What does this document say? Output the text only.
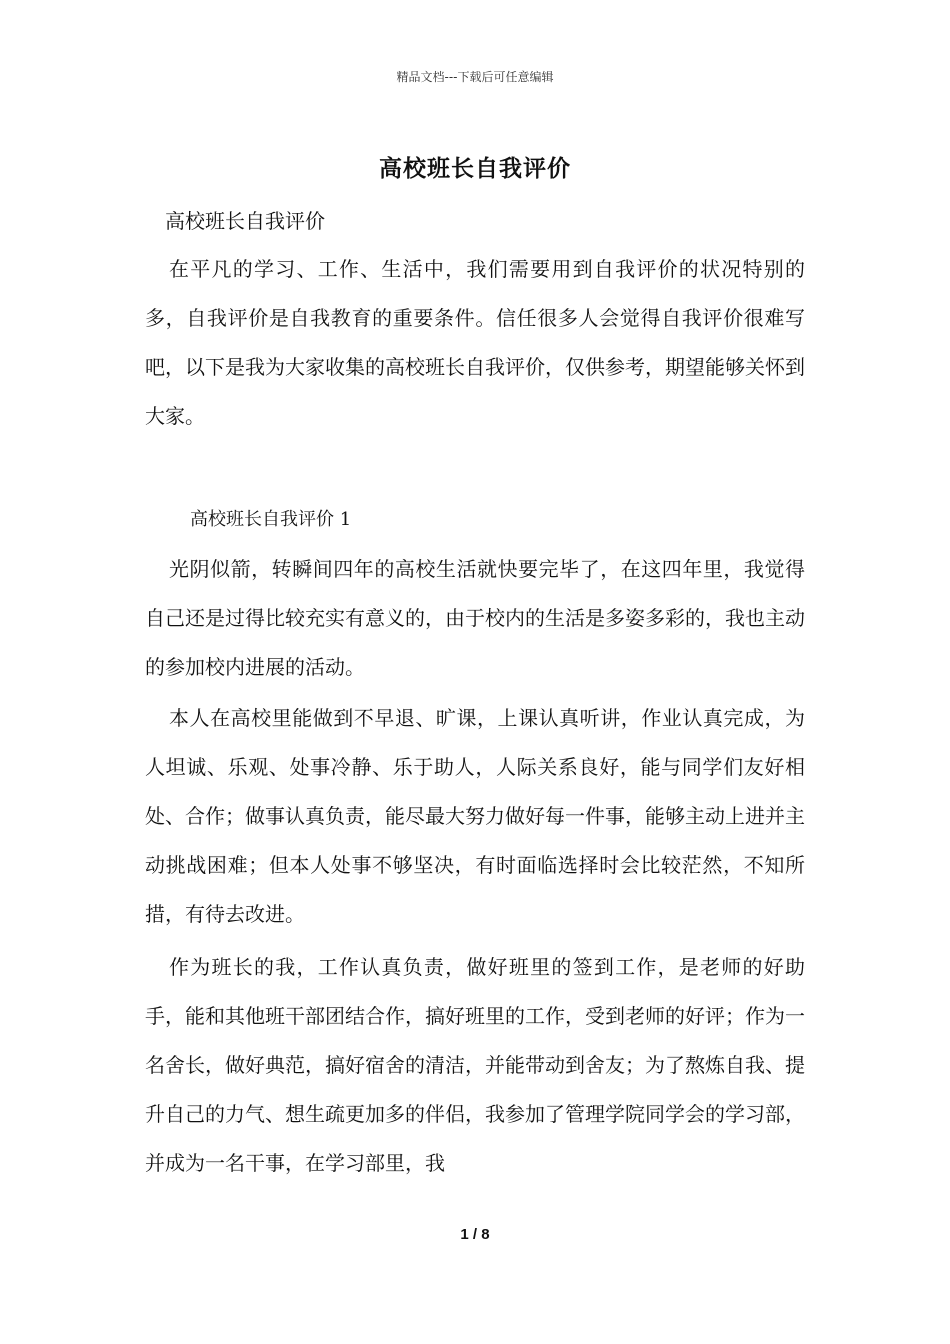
精品文档---下载后可任意编辑
高校班长自我评价
高校班长自我评价

在平凡的学习、工作、生活中，我们需要用到自我评价的状况特别的多，自我评价是自我教育的重要条件。信任很多人会觉得自我评价很难写吧，以下是我为大家收集的高校班长自我评价，仅供参考，期望能够关怀到大家。

高校班长自我评价 1

光阴似箭，转瞬间四年的高校生活就快要完毕了，在这四年里，我觉得自己还是过得比较充实有意义的，由于校内的生活是多姿多彩的，我也主动的参加校内进展的活动。

本人在高校里能做到不早退、旷课，上课认真听讲，作业认真完成，为人坦诚、乐观、处事冷静、乐于助人，人际关系良好，能与同学们友好相处、合作；做事认真负责，能尽最大努力做好每一件事，能够主动上进并主动挑战困难；但本人处事不够坚决，有时面临选择时会比较茫然，不知所措，有待去改进。

作为班长的我，工作认真负责，做好班里的签到工作，是老师的好助手，能和其他班干部团结合作，搞好班里的工作，受到老师的好评；作为一名舍长，做好典范，搞好宿舍的清洁，并能带动到舍友；为了熬炼自我、提升自己的力气、想生疏更加多的伴侣，我参加了管理学院同学会的学习部，并成为一名干事，在学习部里，我

1 / 8
